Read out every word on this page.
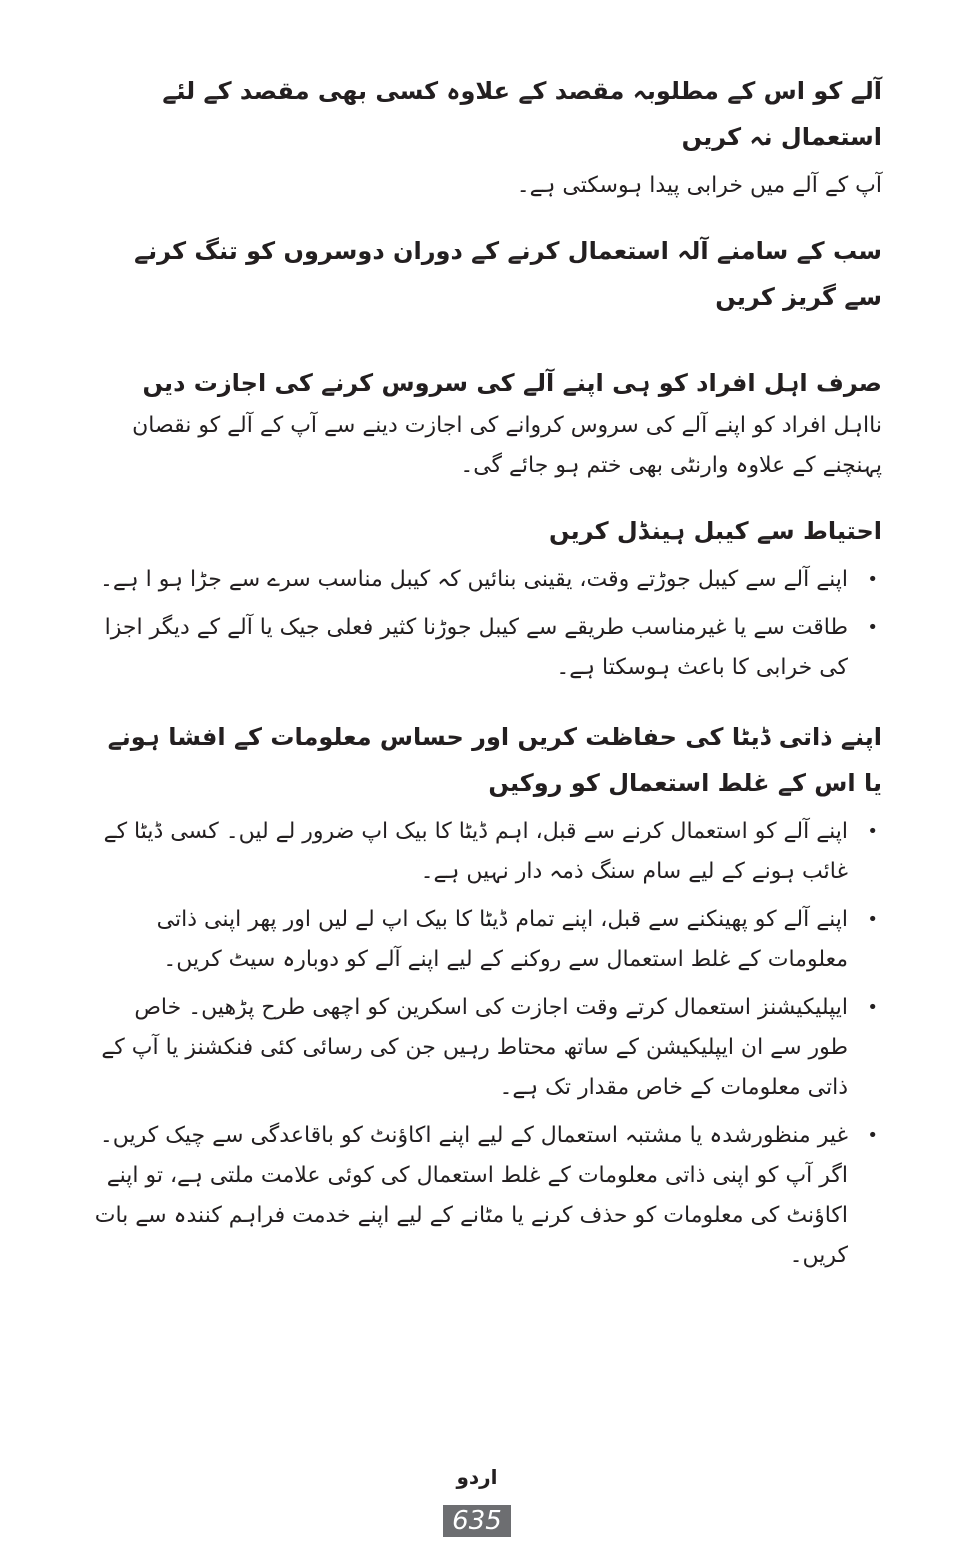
آلے کو اس کے مطلوبہ مقصد کے علاوہ کسی بھی مقصد کے لئے استعمال نہ کریں

آپ کے آلے میں خرابی پیدا ہوسکتی ہے۔

سب کے سامنے آلہ استعمال کرنے کے دوران دوسروں کو تنگ کرنے سے گریز کریں
صرف اہل افراد کو ہی اپنے آلے کی سروس کرنے کی اجازت دیں

نااہل افراد کو اپنے آلے کی سروس کروانے کی اجازت دینے سے آپ کے آلے کو نقصان پہنچنے کے علاوہ وارنٹی بھی ختم ہو جائے گی۔

احتیاط سے کیبل ہینڈل کریں
•
اپنے آلے سے کیبل جوڑتے وقت، یقینی بنائیں کہ کیبل مناسب سرے سے جڑا ہو ا ہے۔
•
طاقت سے یا غیرمناسب طریقے سے کیبل جوڑنا کثیر فعلی جیک یا آلے کے دیگر اجزا کی خرابی کا باعث ہوسکتا ہے۔
اپنے ذاتی ڈیٹا کی حفاظت کریں اور حساس معلومات کے افشا ہونے یا اس کے غلط استعمال کو روکیں
•
اپنے آلے کو استعمال کرنے سے قبل، اہم ڈیٹا کا بیک اپ ضرور لے لیں۔ کسی ڈیٹا کے غائب ہونے کے لیے سام سنگ ذمہ دار نہیں ہے۔
•
اپنے آلے کو پھینکنے سے قبل، اپنے تمام ڈیٹا کا بیک اپ لے لیں اور پھر اپنی ذاتی معلومات کے غلط استعمال سے روکنے کے لیے اپنے آلے کو دوبارہ سیٹ کریں۔
•
ایپلیکیشنز استعمال کرتے وقت اجازت کی اسکرین کو اچھی طرح پڑھیں۔ خاص طور سے ان ایپلیکیشن کے ساتھ محتاط رہیں جن کی رسائی کئی فنکشنز یا آپ کے ذاتی معلومات کے خاص مقدار تک ہے۔
•
غیر منظورشدہ یا مشتبہ استعمال کے لیے اپنے اکاؤنٹ کو باقاعدگی سے چیک کریں۔ اگر آپ کو اپنی ذاتی معلومات کے غلط استعمال کی کوئی علامت ملتی ہے، تو اپنے اکاؤنٹ کی معلومات کو حذف کرنے یا مٹانے کے لیے اپنے خدمت فراہم کنندہ سے بات کریں۔
اردو
635
